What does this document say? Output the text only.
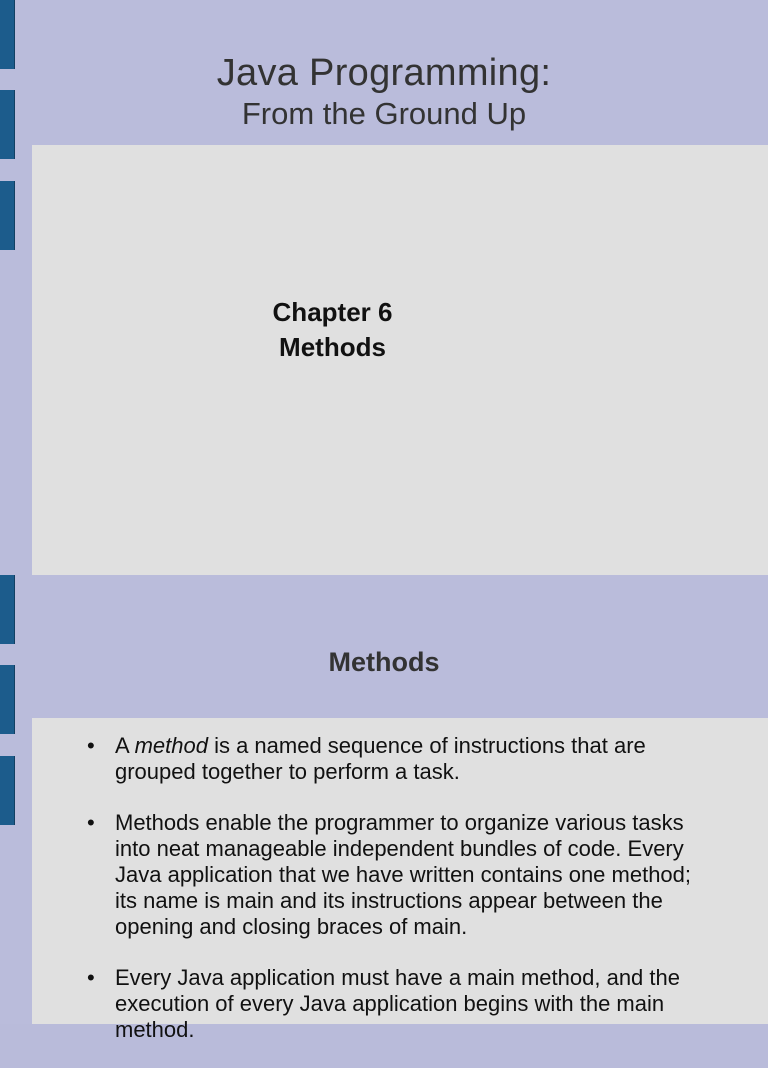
Java Programming:
From the Ground Up
Chapter 6
Methods
Methods
• A method is a named sequence of instructions that are grouped together to perform a task.
• Methods enable the programmer to organize various tasks into neat manageable independent bundles of code. Every Java application that we have written contains one method; its name is main and its instructions appear between the opening and closing braces of main.
• Every Java application must have a main method, and the execution of every Java application begins with the main method.
